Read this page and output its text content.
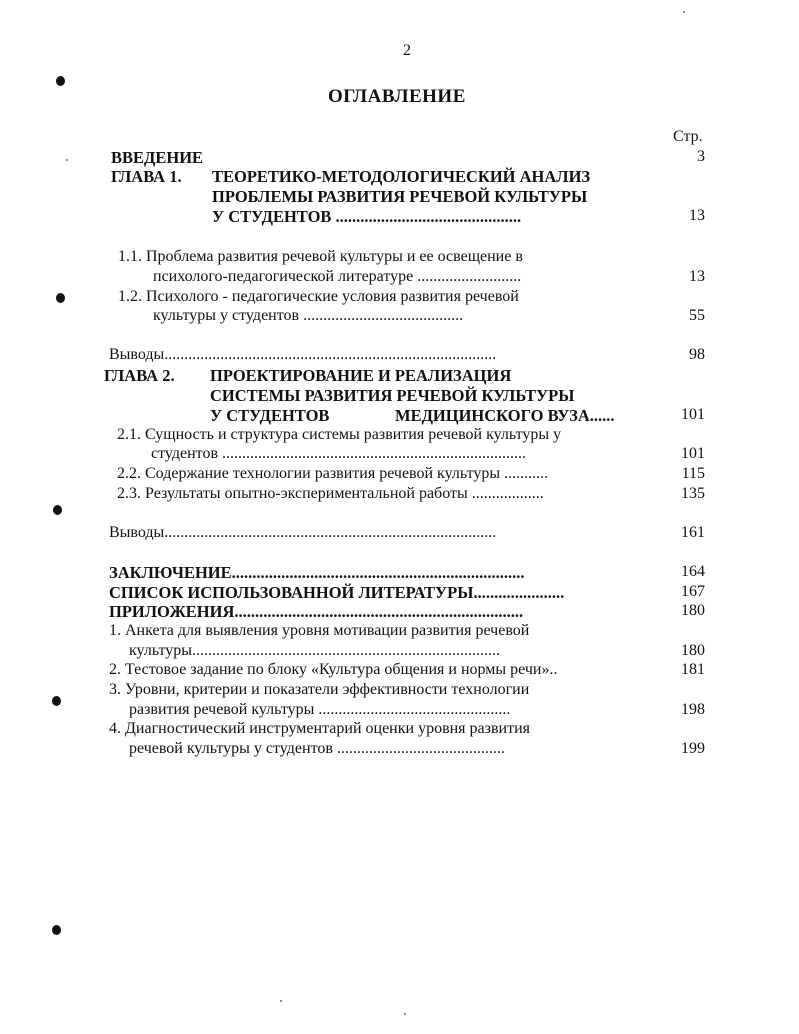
2
ОГЛАВЛЕНИЕ
Стр.
ВВЕДЕНИЕ	3
ГЛАВА 1. ТЕОРЕТИКО-МЕТОДОЛОГИЧЕСКИЙ АНАЛИЗ
ПРОБЛЕМЫ РАЗВИТИЯ РЕЧЕВОЙ КУЛЬТУРЫ
У СТУДЕНТОВ .............................................	13
1.1. Проблема развития речевой культуры и ее освещение в
психолого-педагогической литературе ..........................	13
1.2. Психолого - педагогические условия развития речевой
культуры у студентов ........................................	55
Выводы...................................................................................	98
ГЛАВА 2. ПРОЕКТИРОВАНИЕ И РЕАЛИЗАЦИЯ
СИСТЕМЫ РАЗВИТИЯ РЕЧЕВОЙ КУЛЬТУРЫ
У СТУДЕНТОВ	МЕДИЦИНСКОГО ВУЗА......	101
2.1. Сущность и структура системы развития речевой культуры у
студентов ............................................................................	101
2.2. Содержание технологии развития речевой культуры ...........	115
2.3. Результаты опытно-экспериментальной работы ..................	135
Выводы...................................................................................	161
ЗАКЛЮЧЕНИЕ.......................................................................	164
СПИСОК ИСПОЛЬЗОВАННОЙ ЛИТЕРАТУРЫ......................	167
ПРИЛОЖЕНИЯ......................................................................	180
1. Анкета для выявления уровня мотивации развития речевой
культуры.............................................................................	180
2. Тестовое задание по блоку «Культура общения и нормы речи»..	181
3. Уровни, критерии и показатели эффективности технологии
развития речевой культуры ................................................	198
4. Диагностический инструментарий оценки уровня развития
речевой культуры у студентов ..........................................	199
